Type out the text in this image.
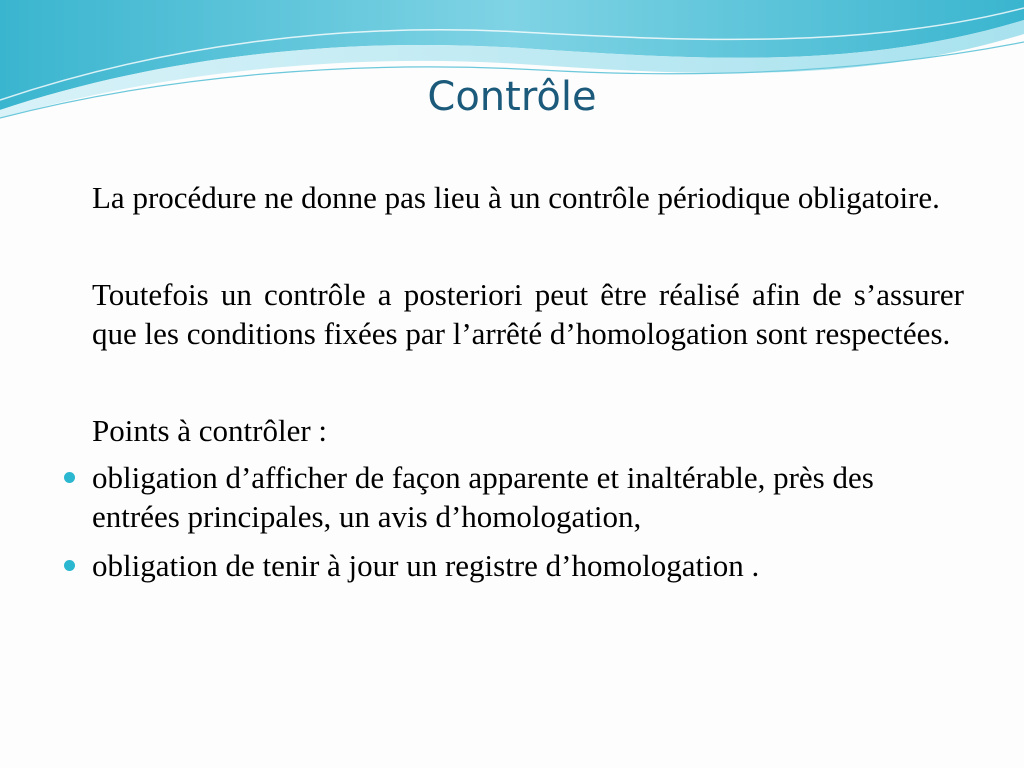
Contrôle

La procédure ne donne pas lieu à un contrôle périodique obligatoire.

Toutefois un contrôle a posteriori peut être réalisé afin de s’assurer que les conditions fixées par l’arrêté d’homologation sont respectées.

Points à contrôler :

obligation d’afficher de façon apparente et inaltérable, près des entrées principales, un avis d’homologation,
obligation de tenir à jour un registre d’homologation .
